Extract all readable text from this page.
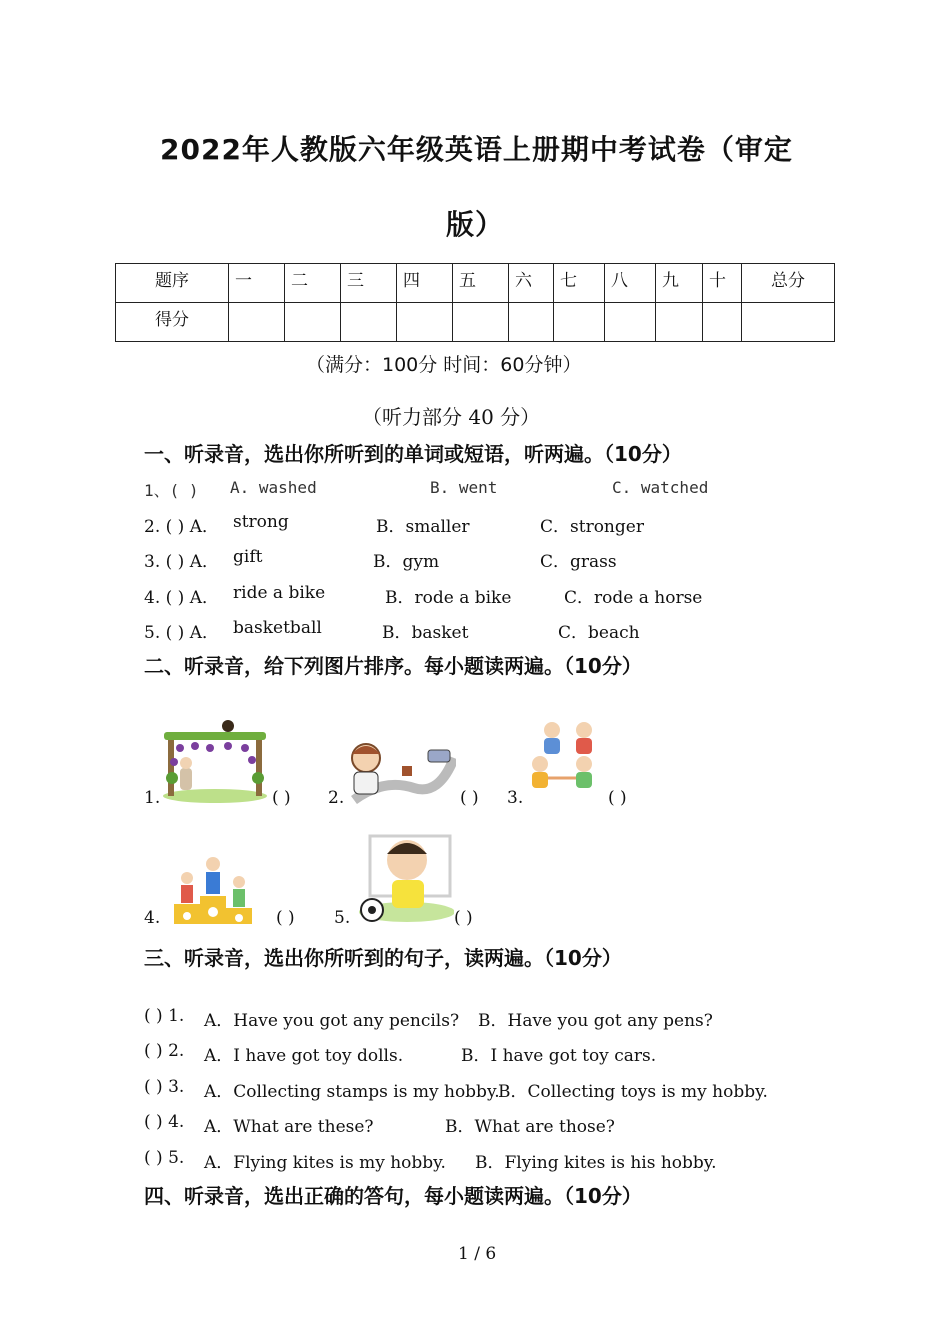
2022年人教版六年级英语上册期中考试卷（审定
版）
题序	一	二	三	四	五	六	七	八	九	十	总分
得分											
（满分：100分 时间：60分钟）
（听力部分 40 分）
一、听录音，选出你所听到的单词或短语，听两遍。（10分）
1、( ) A. washed	B. went	C. watched
2. ( ) A． strong	B．smaller	C．stronger
3. ( ) A． gift	B．gym	C．grass
4. ( ) A． ride a bike	B．rode a bike	C．rode a horse
5. ( ) A． basketball	B．basket	C．beach
二、听录音，给下列图片排序。每小题读两遍。（10分）
1.	( ) 2.	( ) 3.	( )
4.	( ) 5.	( )
三、听录音，选出你所听到的句子，读两遍。（10分）
( ) 1. A．Have you got any pencils? B．Have you got any pens?
( ) 2. A．I have got toy dolls.	B．I have got toy cars.
( ) 3. A．Collecting stamps is my hobby.
B．Collecting toys is my hobby.
( ) 4. A．What are these?	B．What are those?
( ) 5. A．Flying kites is my hobby. B．Flying kites is his hobby.
四、听录音，选出正确的答句，每小题读两遍。（10分）
1 / 6
